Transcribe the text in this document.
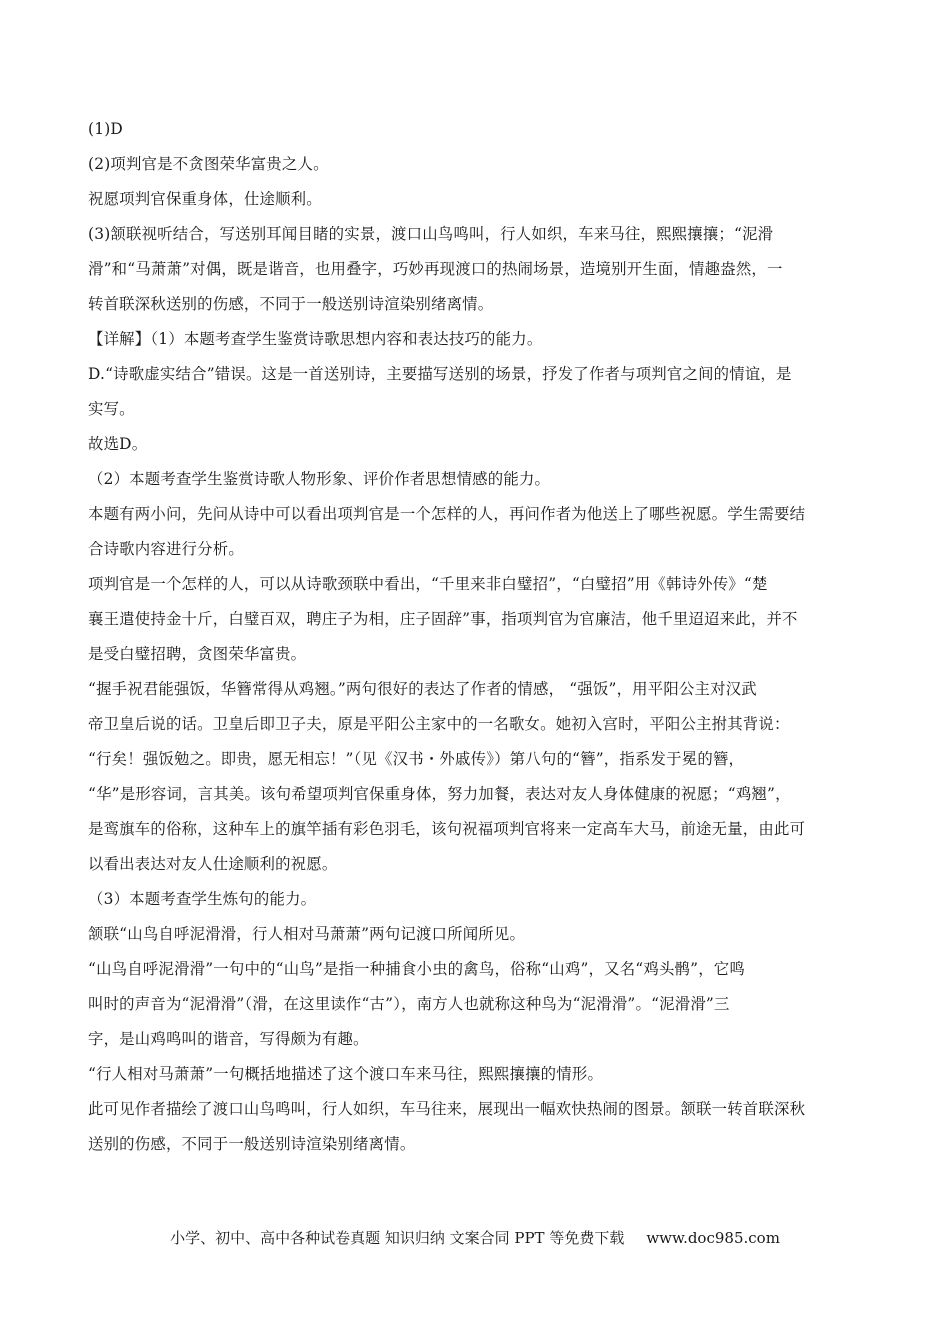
(1)D
(2)项判官是不贪图荣华富贵之人。
祝愿项判官保重身体，仕途顺利。
(3)颔联视听结合，写送别耳闻目睹的实景，渡口山鸟鸣叫，行人如织，车来马往，熙熙攘攘；“泥滑
滑”和“马萧萧”对偶，既是谐音，也用叠字，巧妙再现渡口的热闹场景，造境别开生面，情趣盎然，一
转首联深秋送别的伤感，不同于一般送别诗渲染别绪离情。
【详解】（1）本题考查学生鉴赏诗歌思想内容和表达技巧的能力。
D.“诗歌虚实结合”错误。这是一首送别诗，主要描写送别的场景，抒发了作者与项判官之间的情谊，是
实写。
故选D。
（2）本题考查学生鉴赏诗歌人物形象、评价作者思想情感的能力。
本题有两小问，先问从诗中可以看出项判官是一个怎样的人，再问作者为他送上了哪些祝愿。学生需要结
合诗歌内容进行分析。
项判官是一个怎样的人，可以从诗歌颈联中看出，“千里来非白璧招”，“白璧招”用《韩诗外传》“楚
襄王遣使持金十斤，白璧百双，聘庄子为相，庄子固辞”事，指项判官为官廉洁，他千里迢迢来此，并不
是受白璧招聘，贪图荣华富贵。
“握手祝君能强饭，华簪常得从鸡翘。”两句很好的表达了作者的情感， “强饭”，用平阳公主对汉武
帝卫皇后说的话。卫皇后即卫子夫，原是平阳公主家中的一名歌女。她初入宫时，平阳公主拊其背说：
“行矣！强饭勉之。即贵，愿无相忘！”（见《汉书・外戚传》）第八句的“簪”，指系发于冕的簪，
“华”是形容词，言其美。该句希望项判官保重身体，努力加餐，表达对友人身体健康的祝愿；“鸡翘”，
是鸾旗车的俗称，这种车上的旗竿插有彩色羽毛，该句祝福项判官将来一定高车大马，前途无量，由此可
以看出表达对友人仕途顺利的祝愿。
（3）本题考查学生炼句的能力。
颔联“山鸟自呼泥滑滑，行人相对马萧萧”两句记渡口所闻所见。
“山鸟自呼泥滑滑”一句中的“山鸟”是指一种捕食小虫的禽鸟，俗称“山鸡”，又名“鸡头鹘”，它鸣
叫时的声音为“泥滑滑”（滑，在这里读作“古”），南方人也就称这种鸟为“泥滑滑”。“泥滑滑”三
字，是山鸡鸣叫的谐音，写得颇为有趣。
“行人相对马萧萧”一句概括地描述了这个渡口车来马往，熙熙攘攘的情形。
此可见作者描绘了渡口山鸟鸣叫，行人如织，车马往来，展现出一幅欢快热闹的图景。颔联一转首联深秋
送别的伤感，不同于一般送别诗渲染别绪离情。
小学、初中、高中各种试卷真题 知识归纳 文案合同 PPT 等免费下载 www.doc985.com
